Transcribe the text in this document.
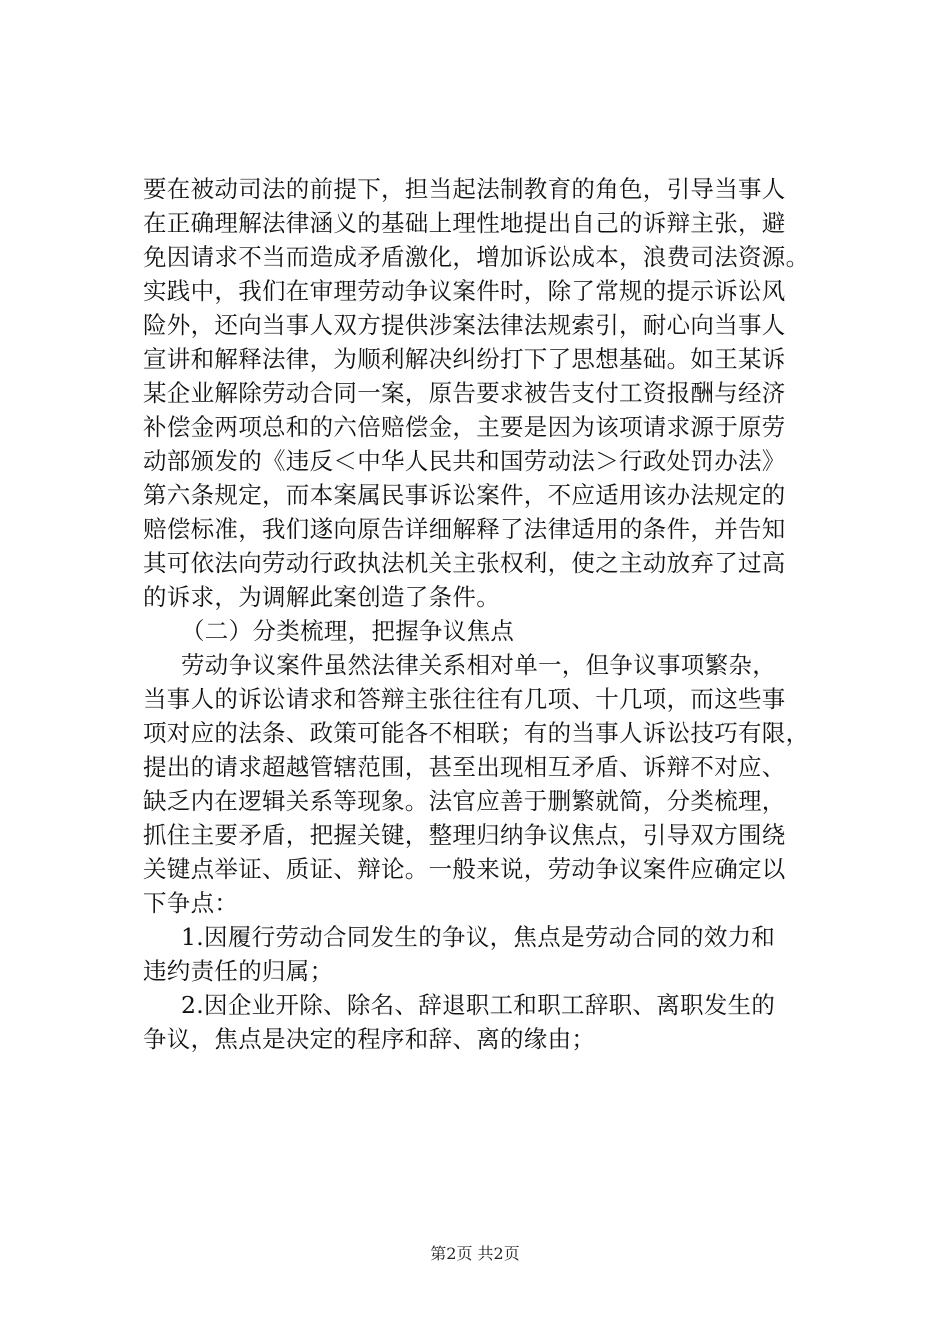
要在被动司法的前提下，担当起法制教育的角色，引导当事人
在正确理解法律涵义的基础上理性地提出自己的诉辩主张，避
免因请求不当而造成矛盾激化，增加诉讼成本，浪费司法资源。
实践中，我们在审理劳动争议案件时，除了常规的提示诉讼风
险外，还向当事人双方提供涉案法律法规索引，耐心向当事人
宣讲和解释法律，为顺利解决纠纷打下了思想基础。如王某诉
某企业解除劳动合同一案，原告要求被告支付工资报酬与经济
补偿金两项总和的六倍赔偿金，主要是因为该项请求源于原劳
动部颁发的《违反＜中华人民共和国劳动法＞行政处罚办法》
第六条规定，而本案属民事诉讼案件，不应适用该办法规定的
赔偿标准，我们遂向原告详细解释了法律适用的条件，并告知
其可依法向劳动行政执法机关主张权利，使之主动放弃了过高
的诉求，为调解此案创造了条件。
（二）分类梳理，把握争议焦点
劳动争议案件虽然法律关系相对单一，但争议事项繁杂，
当事人的诉讼请求和答辩主张往往有几项、十几项，而这些事
项对应的法条、政策可能各不相联；有的当事人诉讼技巧有限，
提出的请求超越管辖范围，甚至出现相互矛盾、诉辩不对应、
缺乏内在逻辑关系等现象。法官应善于删繁就简，分类梳理，
抓住主要矛盾，把握关键，整理归纳争议焦点，引导双方围绕
关键点举证、质证、辩论。一般来说，劳动争议案件应确定以
下争点：
1.因履行劳动合同发生的争议，焦点是劳动合同的效力和
违约责任的归属；
2.因企业开除、除名、辞退职工和职工辞职、离职发生的
争议，焦点是决定的程序和辞、离的缘由；
第2页 共2页
